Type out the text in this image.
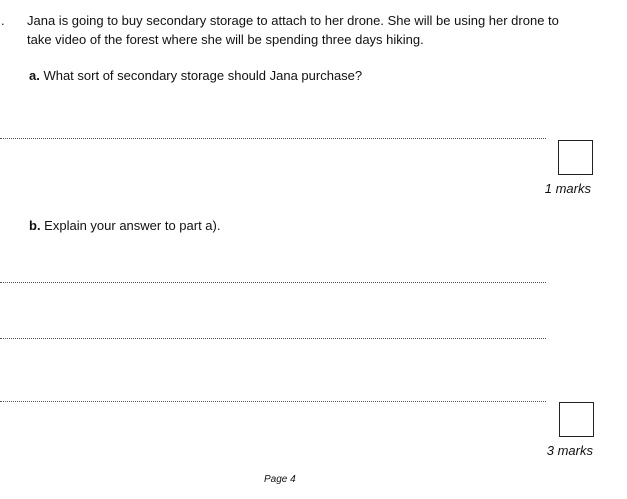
. Jana is going to buy secondary storage to attach to her drone. She will be using her drone to take video of the forest where she will be spending three days hiking.
a. What sort of secondary storage should Jana purchase?
1 marks
b. Explain your answer to part a).
3 marks
Page 4
